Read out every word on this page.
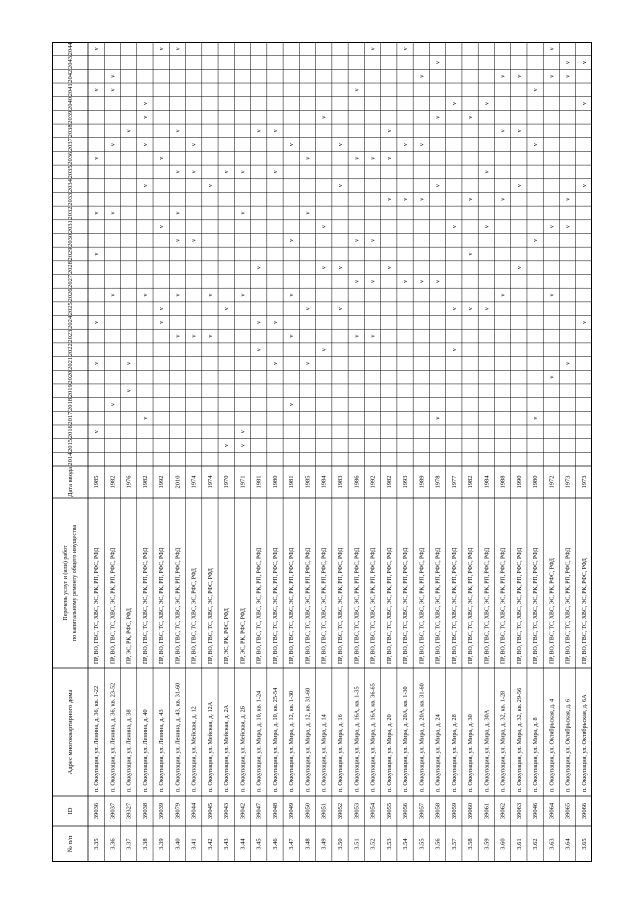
2014
2015
2016
2017
2018
2019
2020
2021
2022
2023
2024
2025
2026
2027
2028
2029
2030
2031
2032
2033
2034
2035
2036
2037
2038
2039
2040
2041
2042
2043
2044
№ п/п
ID
Адрес многоквартирного дома
Перечень услуг и (или) работ по капитальному ремонту общего имущества
Дата ввода
3.35
39036
п. Оккупация, ул. Ленина, д. 36, кв. 1-22
ПР, ВО, ГВС, ТС, ХВС, ЭС, РК, РП, РФС, РФД
1985
v
v
v
v
v
v
v
v
3.36
39037
п. Оккупация, ул. Ленина, д. 36, кв. 23-52
ПР, ВО, ГВС, ТС, ХВС, ЭС, РК, РП, РФС, РФД
1982
v
v
v
v
v
v
3.37
39327
п. Оккупация, ул. Ленина, д. 38
ПР, ЭС, РК, РФС, РФД
1976
v
v
v
3.38
39038
п. Оккупация, ул. Ленина, д. 40
ПР, ВО, ГВС, ТС, ХВС, ЭС, РК, РП, РФС, РФД
1982
v
v
v
v
v
v
3.39
39039
п. Оккупация, ул. Ленина, д. 43
ПР, ВО, ГВС, ТС, ХВС, ЭС, РК, РП, РФС, РФД
1992
v
v
v
v
v
3.40
39079
п. Оккупация, ул. Ленина, д. 43, кв. 31-60
ПР, ВО, ГВС, ТС, ХВС, ЭС, РК, РП, РФС, РФД
2010
v
v
v
v
v
v
v
3.41
39044
п. Оккупация, ул. Мейская, д. 12
ПР, ВО, ГВС, ТС, ХВС, ЭС, РФС, РФД
1974
v
v
v
v
3.42
39045
п. Оккупация, ул. Мейская, д. 12А
ПР, ВО, ГВС, ТС, ХВС, ЭС, РФС, РФД
1974
v
v
v
3.43
39043
п. Оккупация, ул. Мейская, д. 2А
ПР, ЭС, РК, РФС, РФД
1970
v
v
v
3.44
39042
п. Оккупация, ул. Мейская, д. 2Б
ПР, ЭС, РК, РФС, РФД
1971
v
v
v
v
v
3.45
39047
п. Оккупация, ул. Мира, д. 10, кв. 1-24
ПР, ВО, ГВС, ТС, ХВС, ЭС, РК, РП, РФС, РФД
1981
v
v
v
v
3.46
39048
п. Оккупация, ул. Мира, д. 10, кв. 25-54
ПР, ВО, ГВС, ТС, ХВС, ЭС, РК, РП, РФС, РФД
1980
v
v
v
v
3.47
39049
п. Оккупация, ул. Мира, д. 12, кв. 1-30
ПР, ВО, ГВС, ТС, ХВС, ЭС, РК, РП, РФС, РФД
1981
v
v
v
v
v
3.48
39050
п. Оккупация, ул. Мира, д. 12, кв. 31-60
ПР, ВО, ГВС, ТС, ХВС, ЭС, РК, РП, РФС, РФД
1985
v
v
v
v
3.49
39051
п. Оккупация, ул. Мира, д. 14
ПР, ВО, ГВС, ТС, ХВС, ЭС, РК, РП, РФС, РФД
1984
v
v
v
v
3.50
39052
п. Оккупация, ул. Мира, д. 16
ПР, ВО, ГВС, ТС, ХВС, ЭС, РК, РП, РФС, РФД
1983
v
v
v
v
3.51
39053
п. Оккупация, ул. Мира, д. 16А, кв. 1-35
ПР, ВО, ГВС, ТС, ХВС, ЭС, РК, РП, РФС, РФД
1986
v
v
v
v
v
3.52
39054
п. Оккупация, ул. Мира, д. 16А, кв. 36-65
ПР, ВО, ГВС, ТС, ХВС, ЭС, РК, РП, РФС, РФД
1992
v
v
v
v
v
3.53
39055
п. Оккупация, ул. Мира, д. 20
ПР, ВО, ГВС, ТС, ХВС, ЭС, РК, РП, РФС, РФД
1982
v
v
v
v
3.54
39056
п. Оккупация, ул. Мира, д. 20А, кв. 1-30
ПР, ВО, ГВС, ТС, ХВС, ЭС, РК, РП, РФС, РФД
1993
v
v
v
v
3.55
39057
п. Оккупация, ул. Мира, д. 20А, кв. 31-60
ПР, ВО, ГВС, ТС, ХВС, ЭС, РК, РП, РФС, РФД
1989
v
v
v
v
3.56
39058
п. Оккупация, ул. Мира, д. 24
ПР, ВО, ГВС, ТС, ХВС, ЭС, РК, РП, РФС, РФД
1978
v
v
v
v
v
3.57
39059
п. Оккупация, ул. Мира, д. 28
ПР, ВО, ГВС, ТС, ХВС, ЭС, РК, РП, РФС, РФД
1977
v
v
v
v
3.58
39060
п. Оккупация, ул. Мира, д. 30
ПР, ВО, ГВС, ТС, ХВС, ЭС, РК, РП, РФС, РФД
1982
v
v
v
v
3.59
39061
п. Оккупация, ул. Мира, д. 30А
ПР, ВО, ГВС, ТС, ХВС, ЭС, РК, РП, РФС, РФД
1984
v
v
v
v
3.60
39062
п. Оккупация, ул. Мира, д. 32, кв. 1-28
ПР, ВО, ГВС, ТС, ХВС, ЭС, РК, РП, РФС, РФД
1988
v
v
v
v
3.61
39063
п. Оккупация, ул. Мира, д. 32, кв. 29-56
ПР, ВО, ГВС, ТС, ХВС, ЭС, РК, РП, РФС, РФД
1990
v
v
v
v
3.62
39046
п. Оккупация, ул. Мира, д. 8
ПР, ВО, ГВС, ТС, ХВС, ЭС, РК, РП, РФС, РФД
1980
v
v
v
v
3.63
39064
п. Оккупация, ул. Октябрьская, д. 4
ПР, ВО, ГВС, ТС, ХВС, ЭС, РК, РФС, РФД
1972
v
v
v
v
v
3.64
39065
п. Оккупация, ул. Октябрьская, д. 6
ПР, ВО, ГВС, ТС, ХВС, ЭС, РК, РП, РФС, РФД
1973
v
v
v
v
v
3.65
39066
п. Оккупация, ул. Октябрьская, д. 6А
ПР, ВО, ГВС, ТС, ХВС, ЭС, РК, РФС, РФД
1973
v
v
v
v
